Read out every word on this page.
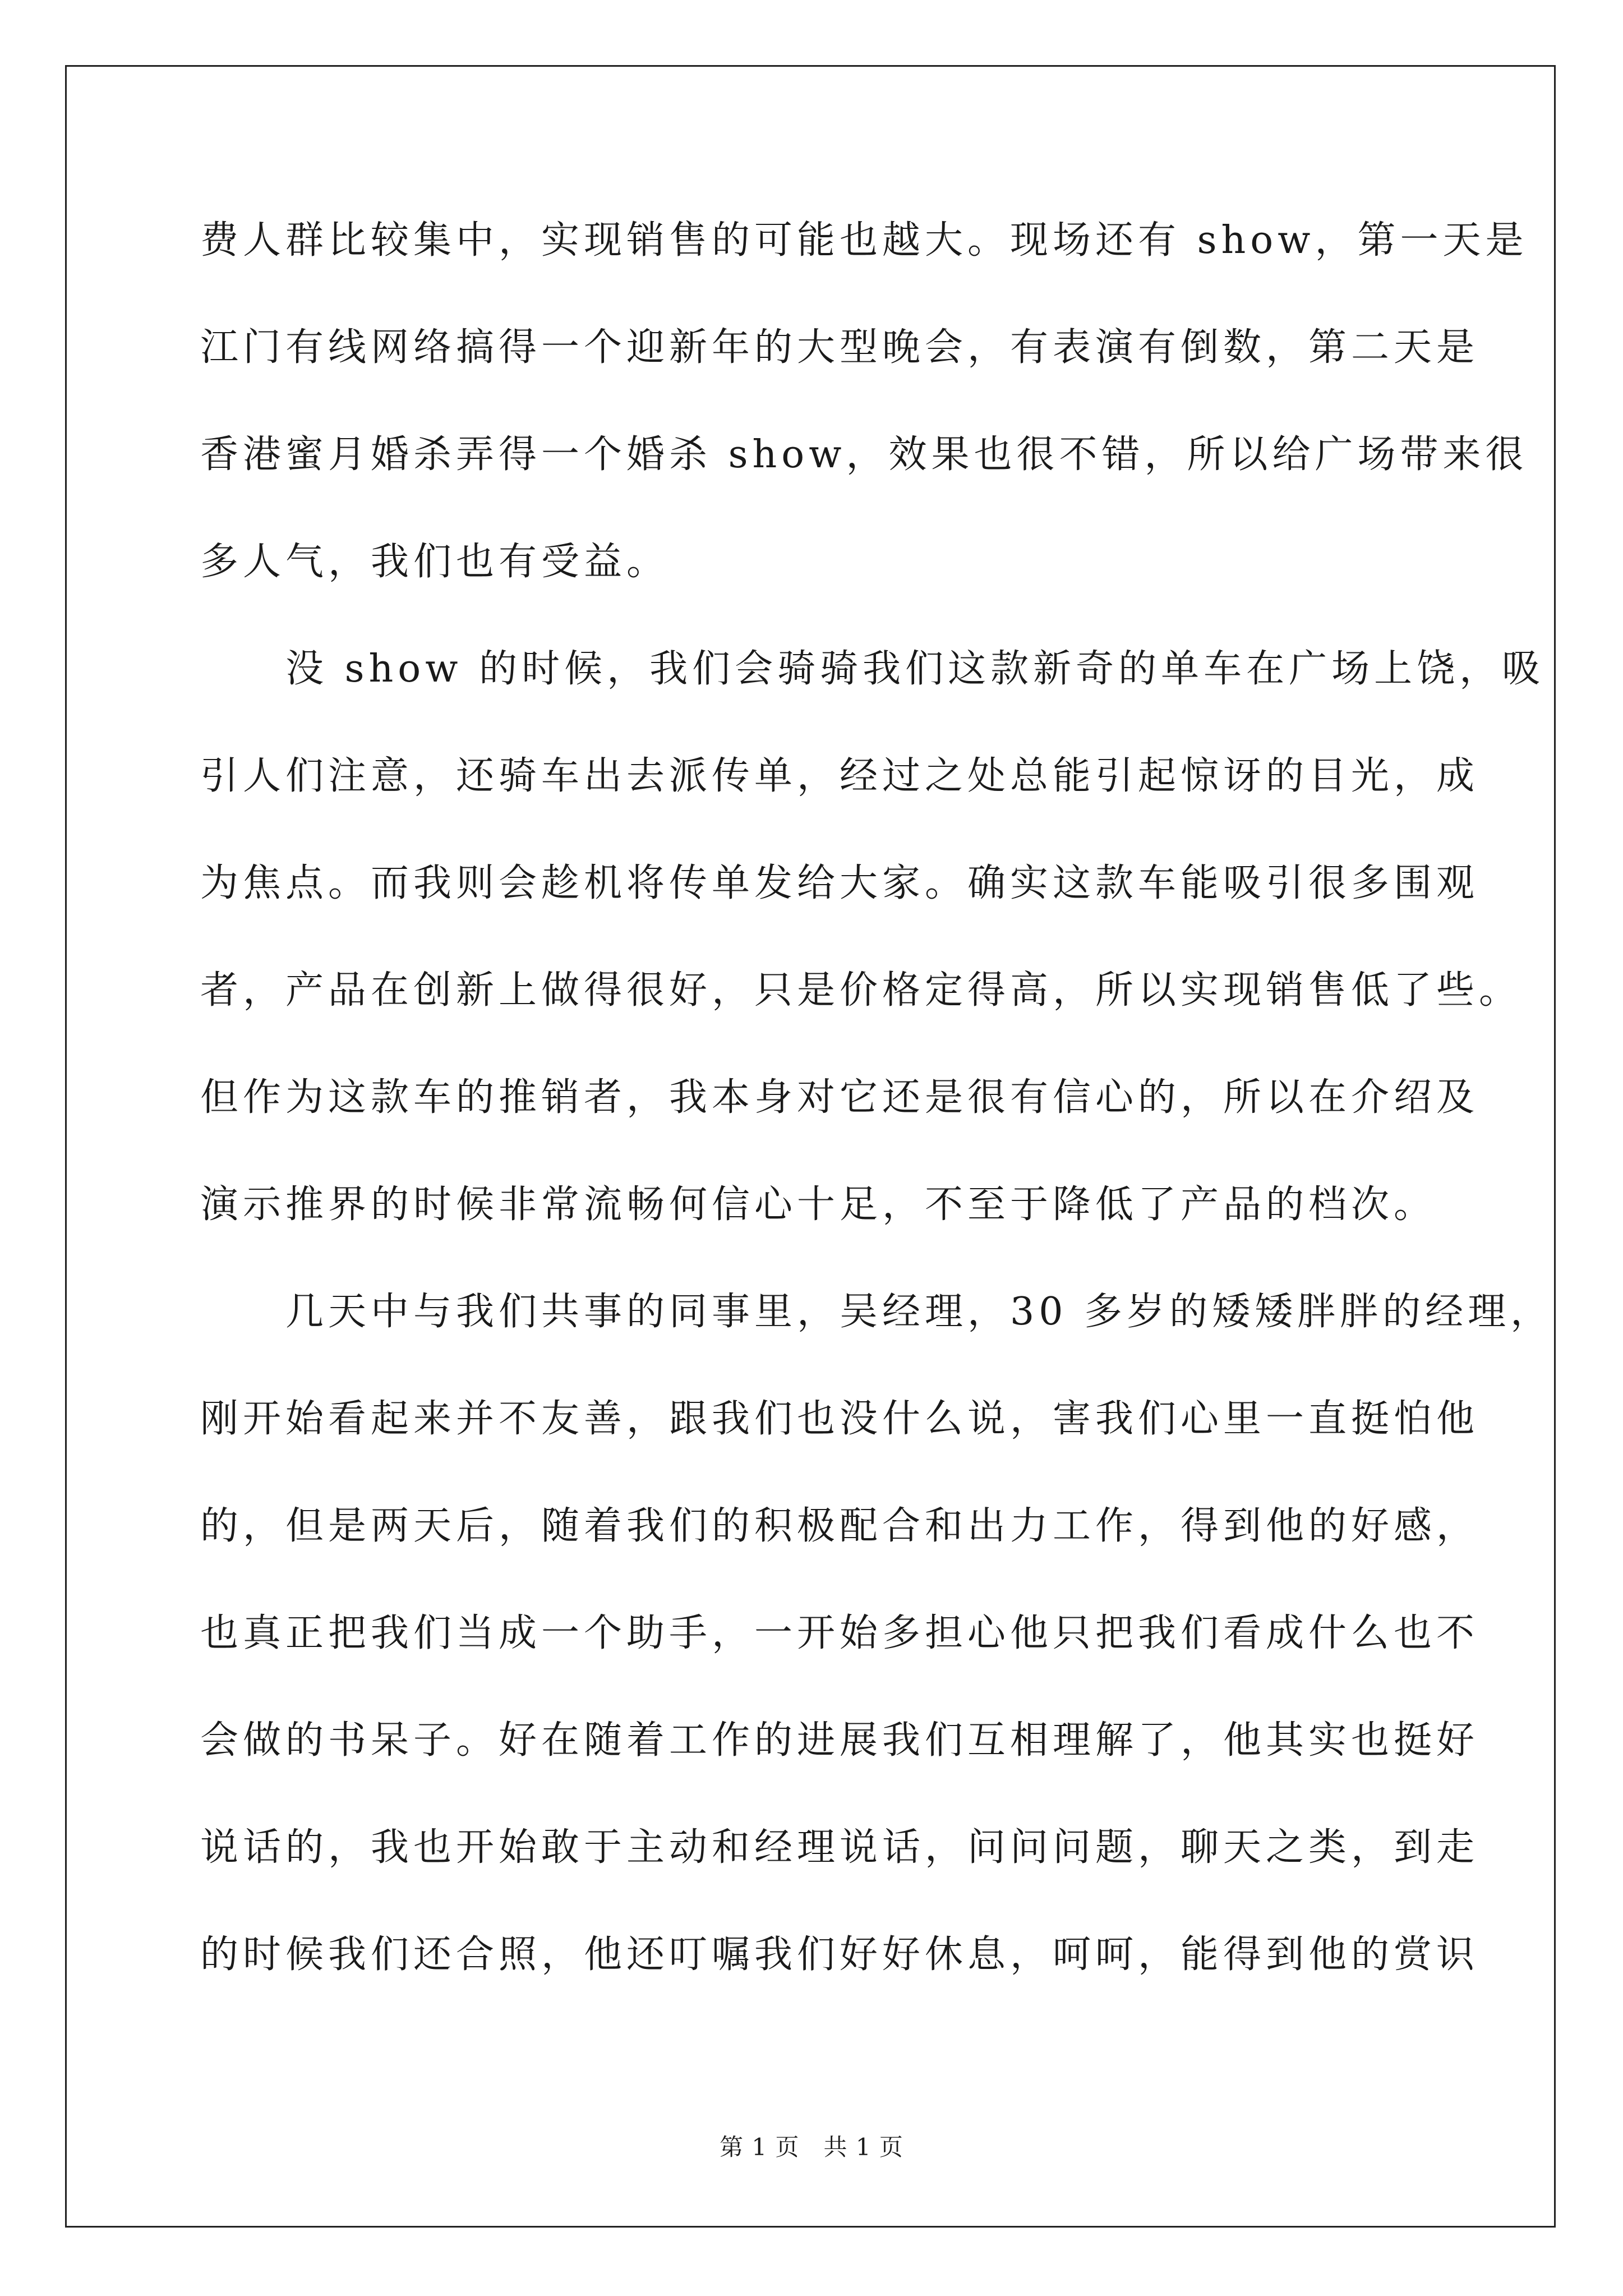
费人群比较集中，实现销售的可能也越大。现场还有 show，第一天是
江门有线网络搞得一个迎新年的大型晚会，有表演有倒数，第二天是
香港蜜月婚杀弄得一个婚杀 show，效果也很不错，所以给广场带来很
多人气，我们也有受益。
　　没 show 的时候，我们会骑骑我们这款新奇的单车在广场上饶，吸
引人们注意，还骑车出去派传单，经过之处总能引起惊讶的目光，成
为焦点。而我则会趁机将传单发给大家。确实这款车能吸引很多围观
者，产品在创新上做得很好，只是价格定得高，所以实现销售低了些。
但作为这款车的推销者，我本身对它还是很有信心的，所以在介绍及
演示推界的时候非常流畅何信心十足，不至于降低了产品的档次。
　　几天中与我们共事的同事里，吴经理，30 多岁的矮矮胖胖的经理，
刚开始看起来并不友善，跟我们也没什么说，害我们心里一直挺怕他
的，但是两天后，随着我们的积极配合和出力工作，得到他的好感，
也真正把我们当成一个助手，一开始多担心他只把我们看成什么也不
会做的书呆子。好在随着工作的进展我们互相理解了，他其实也挺好
说话的，我也开始敢于主动和经理说话，问问问题，聊天之类，到走
的时候我们还合照，他还叮嘱我们好好休息，呵呵，能得到他的赏识
第 1 页　共 1 页
